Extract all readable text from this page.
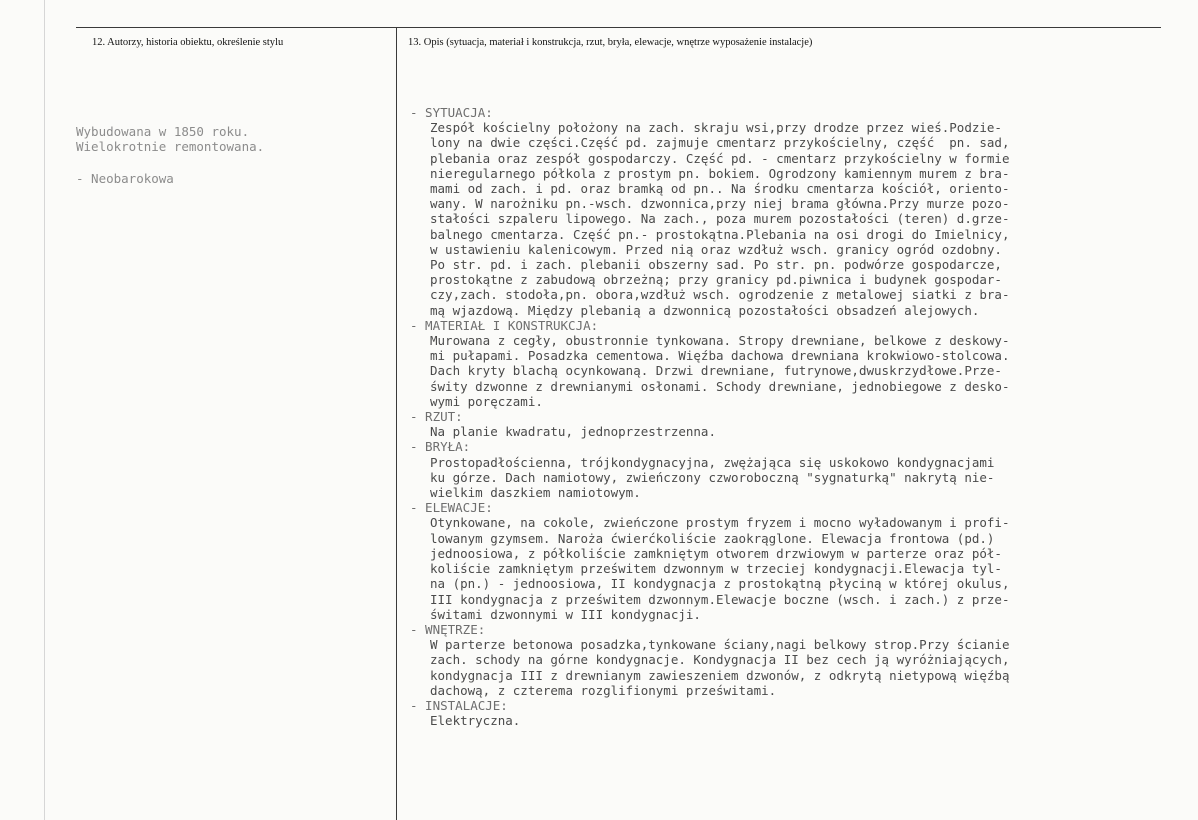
12. Autorzy, historia obiektu, określenie stylu	13. Opis (sytuacja, materiał i konstrukcja, rzut, bryła, elewacje, wnętrze wyposażenie instalacje)
Wybudowana w 1850 roku.
Wielokrotnie remontowana.
- Neobarokowa
- SYTUACJA:
Zespół kościelny położony na zach. skraju wsi,przy drodze przez wieś.Podzie-
lony na dwie części.Część pd. zajmuje cmentarz przykościelny, część  pn. sad,
plebania oraz zespół gospodarczy. Część pd. - cmentarz przykościelny w formie
nieregularnego półkola z prostym pn. bokiem. Ogrodzony kamiennym murem z bra-
mami od zach. i pd. oraz bramką od pn.. Na środku cmentarza kościół, oriento-
wany. W narożniku pn.-wsch. dzwonnica,przy niej brama główna.Przy murze pozo-
stałości szpaleru lipowego. Na zach., poza murem pozostałości (teren) d.grze-
balnego cmentarza. Część pn.- prostokątna.Plebania na osi drogi do Imielnicy,
w ustawieniu kalenicowym. Przed nią oraz wzdłuż wsch. granicy ogród ozdobny.
Po str. pd. i zach. plebanii obszerny sad. Po str. pn. podwórze gospodarcze,
prostokątne z zabudową obrzeżną; przy granicy pd.piwnica i budynek gospodar-
czy,zach. stodoła,pn. obora,wzdłuż wsch. ogrodzenie z metalowej siatki z bra-
mą wjazdową. Między plebanią a dzwonnicą pozostałości obsadzeń alejowych.
- MATERIAŁ I KONSTRUKCJA:
Murowana z cegły, obustronnie tynkowana. Stropy drewniane, belkowe z deskowy-
mi pułapami. Posadzka cementowa. Więźba dachowa drewniana krokwiowo-stolcowa.
Dach kryty blachą ocynkowaną. Drzwi drewniane, futrynowe,dwuskrzydłowe.Prze-
świty dzwonne z drewnianymi osłonami. Schody drewniane, jednobiegowe z desko-
wymi poręczami.
- RZUT:
Na planie kwadratu, jednoprzestrzenna.
- BRYŁA:
Prostopadłościenna, trójkondygnacyjna, zwężająca się uskokowo kondygnacjami
ku górze. Dach namiotowy, zwieńczony czworoboczną "sygnaturką" nakrytą nie-
wielkim daszkiem namiotowym.
- ELEWACJE:
Otynkowane, na cokole, zwieńczone prostym fryzem i mocno wyładowanym i profi-
lowanym gzymsem. Naroża ćwierćkoliście zaokrąglone. Elewacja frontowa (pd.)
jednoosiowa, z półkoliście zamkniętym otworem drzwiowym w parterze oraz pół-
koliście zamkniętym prześwitem dzwonnym w trzeciej kondygnacji.Elewacja tyl-
na (pn.) - jednoosiowa, II kondygnacja z prostokątną płyciną w której okulus,
III kondygnacja z prześwitem dzwonnym.Elewacje boczne (wsch. i zach.) z prze-
świtami dzwonnymi w III kondygnacji.
- WNĘTRZE:
W parterze betonowa posadzka,tynkowane ściany,nagi belkowy strop.Przy ścianie
zach. schody na górne kondygnacje. Kondygnacja II bez cech ją wyróżniających,
kondygnacja III z drewnianym zawieszeniem dzwonów, z odkrytą nietypową więźbą
dachową, z czterema rozglifionymi prześwitami.
- INSTALACJE:
Elektryczna.
